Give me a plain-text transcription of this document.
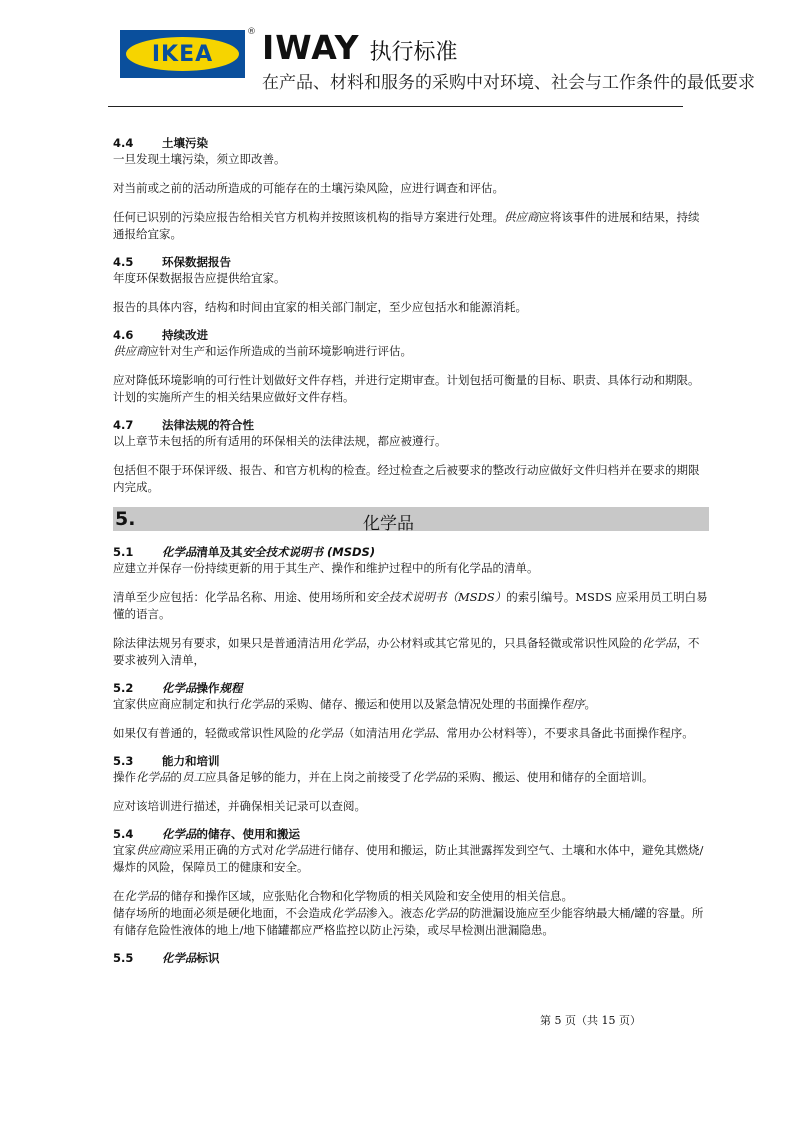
IKEA
® IWAY 执行标准
在产品、材料和服务的采购中对环境、社会与工作条件的最低要求
4.4 土壤污染

一旦发现土壤污染，须立即改善。

对当前或之前的活动所造成的可能存在的土壤污染风险，应进行调查和评估。

任何已识别的污染应报告给相关官方机构并按照该机构的指导方案进行处理。供应商应将该事件的进展和结果，持续通报给宜家。

4.5 环保数据报告

年度环保数据报告应提供给宜家。

报告的具体内容，结构和时间由宜家的相关部门制定，至少应包括水和能源消耗。

4.6 持续改进

供应商应针对生产和运作所造成的当前环境影响进行评估。

应对降低环境影响的可行性计划做好文件存档，并进行定期审查。计划包括可衡量的目标、职责、具体行动和期限。计划的实施所产生的相关结果应做好文件存档。

4.7 法律法规的符合性

以上章节未包括的所有适用的环保相关的法律法规，都应被遵行。

包括但不限于环保评级、报告、和官方机构的检查。经过检查之后被要求的整改行动应做好文件归档并在要求的期限内完成。

5.	化学品
5.1 化学品清单及其安全技术说明书 (MSDS)

应建立并保存一份持续更新的用于其生产、操作和维护过程中的所有化学品的清单。

清单至少应包括：化学品名称、用途、使用场所和安全技术说明书（MSDS）的索引编号。MSDS 应采用员工明白易懂的语言。

除法律法规另有要求，如果只是普通清洁用化学品，办公材料或其它常见的，只具备轻微或常识性风险的化学品，不要求被列入清单，

5.2 化学品操作规程

宜家供应商应制定和执行化学品的采购、储存、搬运和使用以及紧急情况处理的书面操作程序。

如果仅有普通的，轻微或常识性风险的化学品（如清洁用化学品、常用办公材料等），不要求具备此书面操作程序。

5.3 能力和培训

操作化学品的员工应具备足够的能力，并在上岗之前接受了化学品的采购、搬运、使用和储存的全面培训。

应对该培训进行描述，并确保相关记录可以查阅。

5.4 化学品的储存、使用和搬运

宜家供应商应采用正确的方式对化学品进行储存、使用和搬运，防止其泄露挥发到空气、土壤和水体中，避免其燃烧/爆炸的风险，保障员工的健康和安全。

在化学品的储存和操作区域，应张贴化合物和化学物质的相关风险和安全使用的相关信息。

储存场所的地面必须是硬化地面，不会造成化学品渗入。液态化学品的防泄漏设施应至少能容纳最大桶/罐的容量。所有储存危险性液体的地上/地下储罐都应严格监控以防止污染，或尽早检测出泄漏隐患。

5.5 化学品标识
第 5 页（共 15 页）
